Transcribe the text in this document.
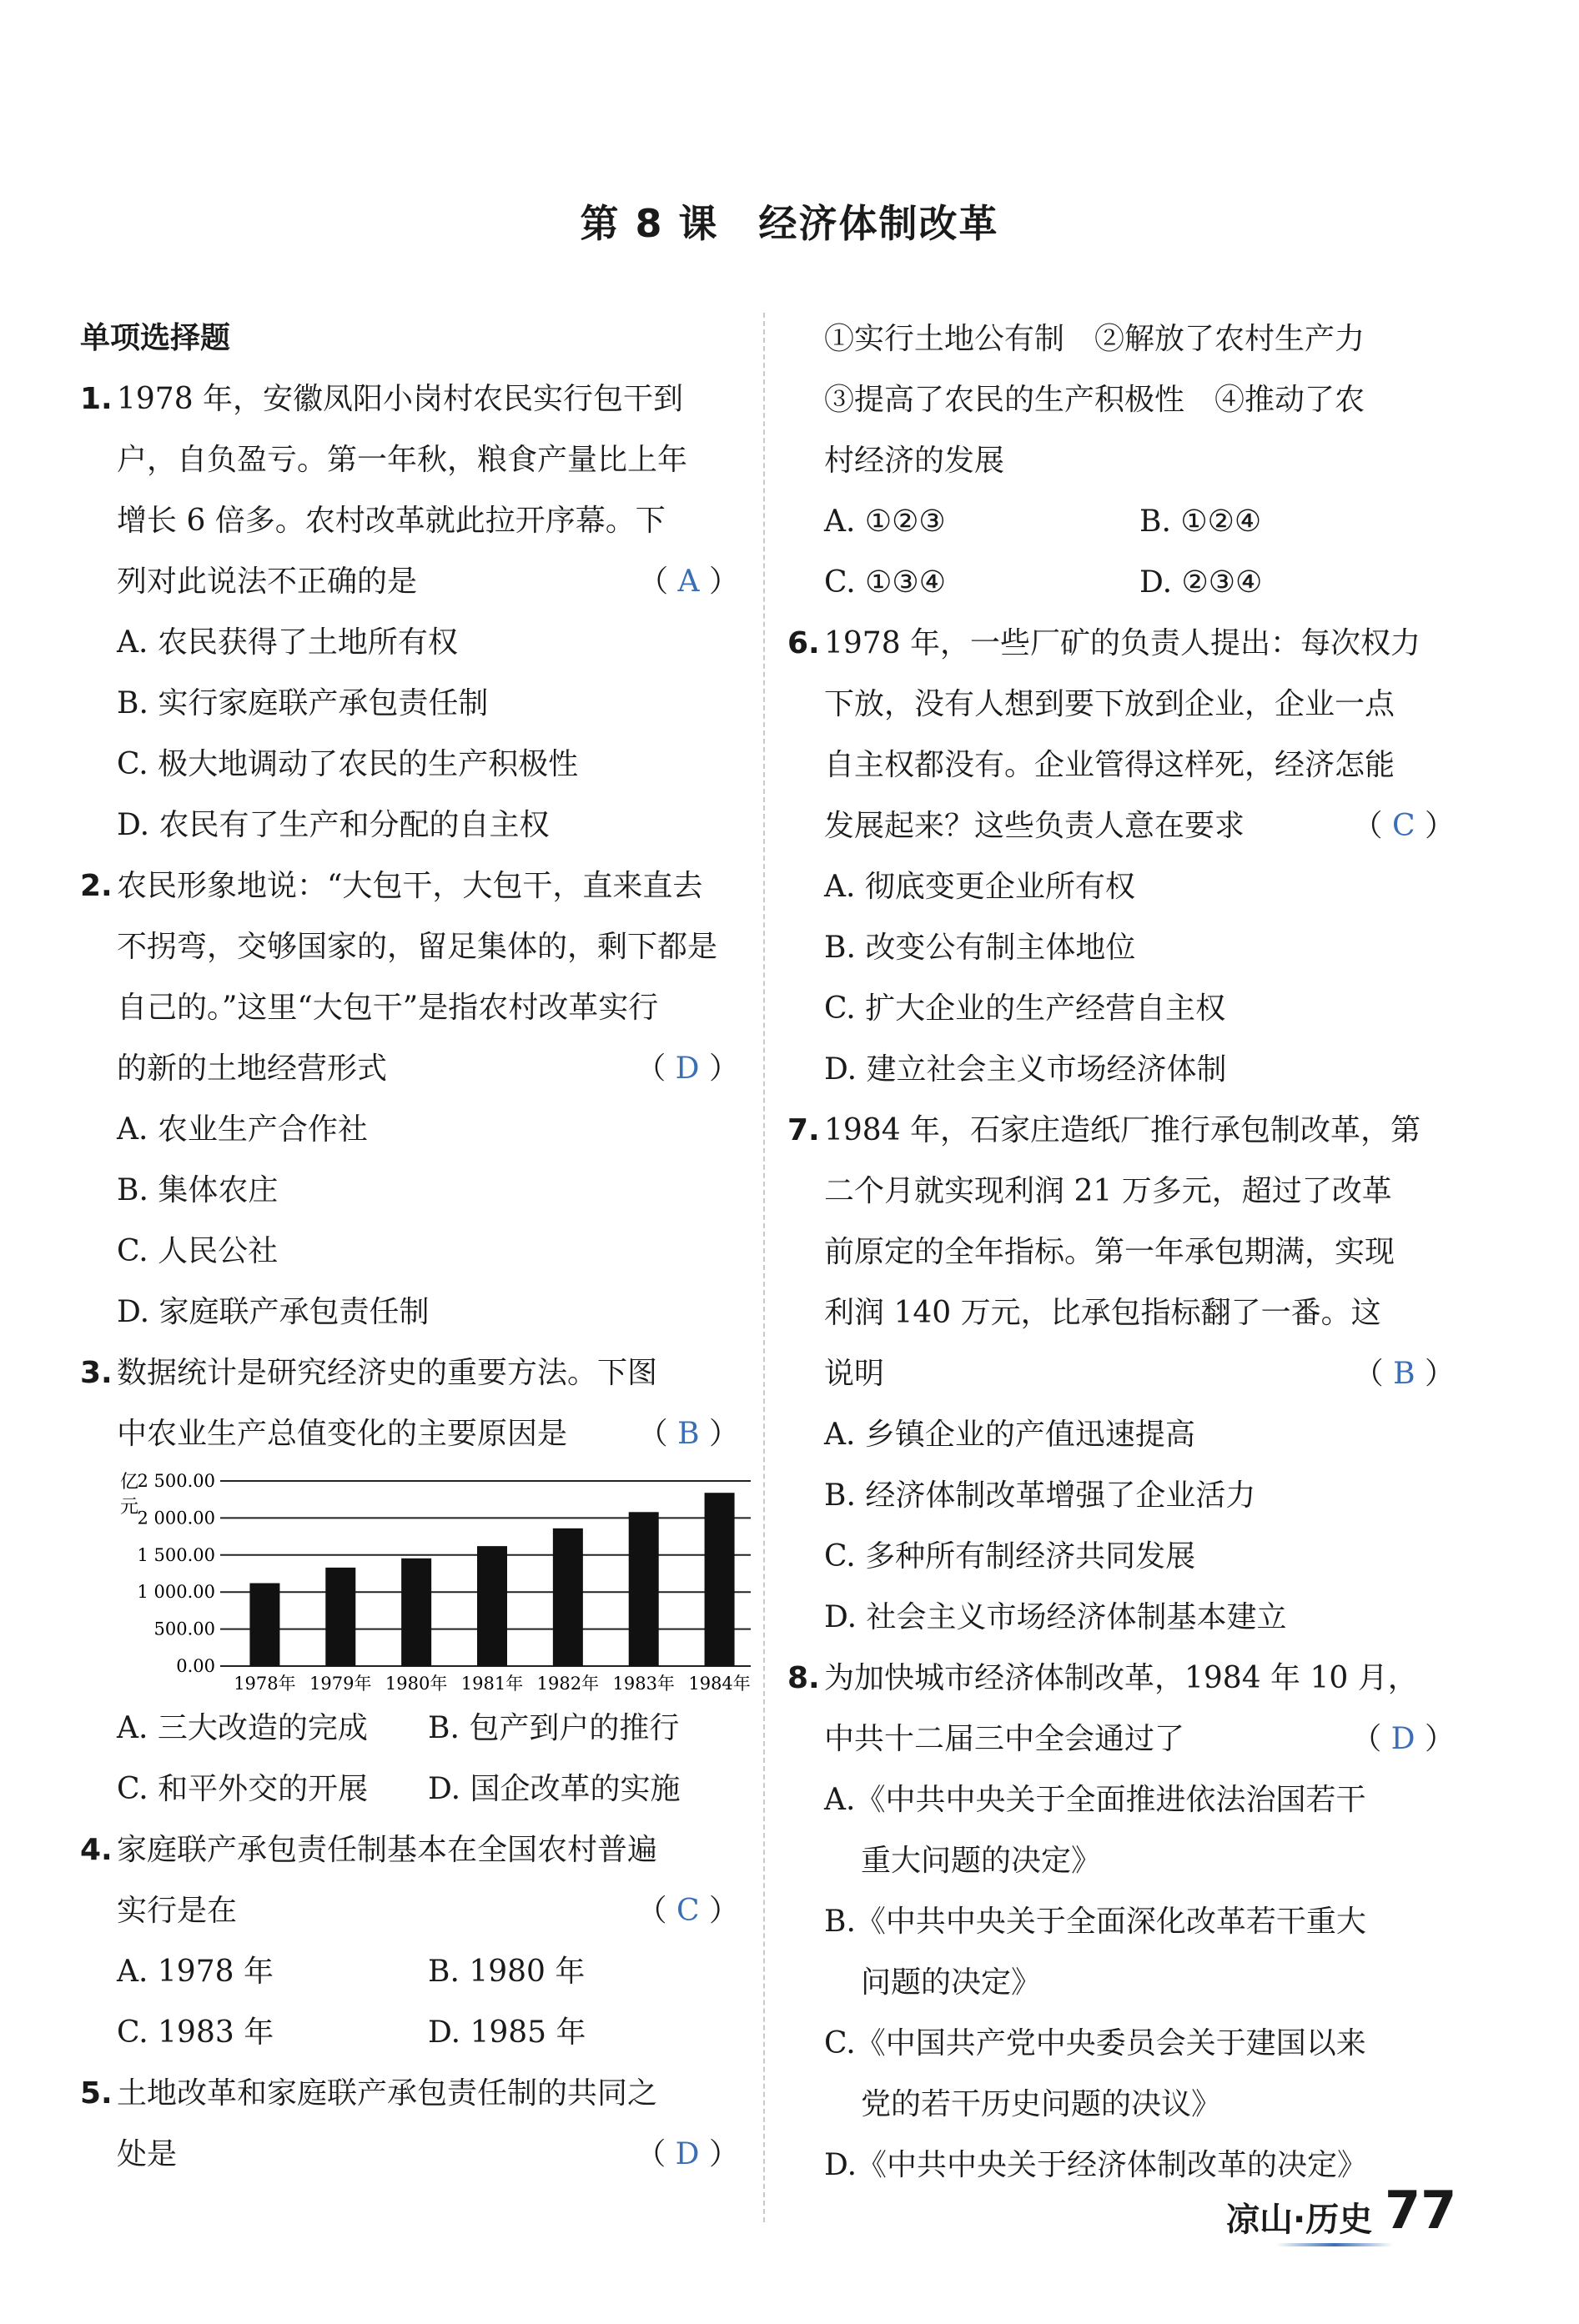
第 8 课　经济体制改革
单项选择题
1. 1978 年，安徽凤阳小岗村农民实行包干到
户，自负盈亏。第一年秋，粮食产量比上年
增长 6 倍多。农村改革就此拉开序幕。下
列对此说法不正确的是	（ A ）
A. 农民获得了土地所有权
B. 实行家庭联产承包责任制
C. 极大地调动了农民的生产积极性
D. 农民有了生产和分配的自主权
2. 农民形象地说：“大包干，大包干，直来直去
不拐弯，交够国家的，留足集体的，剩下都是
自己的。”这里“大包干”是指农村改革实行
的新的土地经营形式	（ D ）
A. 农业生产合作社
B. 集体农庄
C. 人民公社
D. 家庭联产承包责任制
3. 数据统计是研究经济史的重要方法。下图
中农业生产总值变化的主要原因是 （ B ）
2 500.00
2 000.00
1 500.00
1 000.00
500.00
0.00
亿
元
1978年 1979年 1980年 1981年 1982年 1983年 1984年
A. 三大改造的完成	B. 包产到户的推行
C. 和平外交的开展	D. 国企改革的实施
4. 家庭联产承包责任制基本在全国农村普遍
实行是在	（ C ）
A. 1978 年	B. 1980 年
C. 1983 年	D. 1985 年
5. 土地改革和家庭联产承包责任制的共同之
处是	（ D ）
①实行土地公有制　②解放了农村生产力
③提高了农民的生产积极性　④推动了农
村经济的发展
A. ①②③	B. ①②④
C. ①③④	D. ②③④
6. 1978 年，一些厂矿的负责人提出：每次权力
下放，没有人想到要下放到企业，企业一点
自主权都没有。企业管得这样死，经济怎能
发展起来？这些负责人意在要求	（ C ）
A. 彻底变更企业所有权
B. 改变公有制主体地位
C. 扩大企业的生产经营自主权
D. 建立社会主义市场经济体制
7. 1984 年，石家庄造纸厂推行承包制改革，第
二个月就实现利润 21 万多元，超过了改革
前原定的全年指标。第一年承包期满，实现
利润 140 万元，比承包指标翻了一番。这
说明	（ B ）
A. 乡镇企业的产值迅速提高
B. 经济体制改革增强了企业活力
C. 多种所有制经济共同发展
D. 社会主义市场经济体制基本建立
8. 为加快城市经济体制改革，1984 年 10 月，
中共十二届三中全会通过了	（ D ）
A.《中共中央关于全面推进依法治国若干
重大问题的决定》
B.《中共中央关于全面深化改革若干重大
问题的决定》
C.《中国共产党中央委员会关于建国以来
党的若干历史问题的决议》
D.《中共中央关于经济体制改革的决定》
凉山·历史 77
